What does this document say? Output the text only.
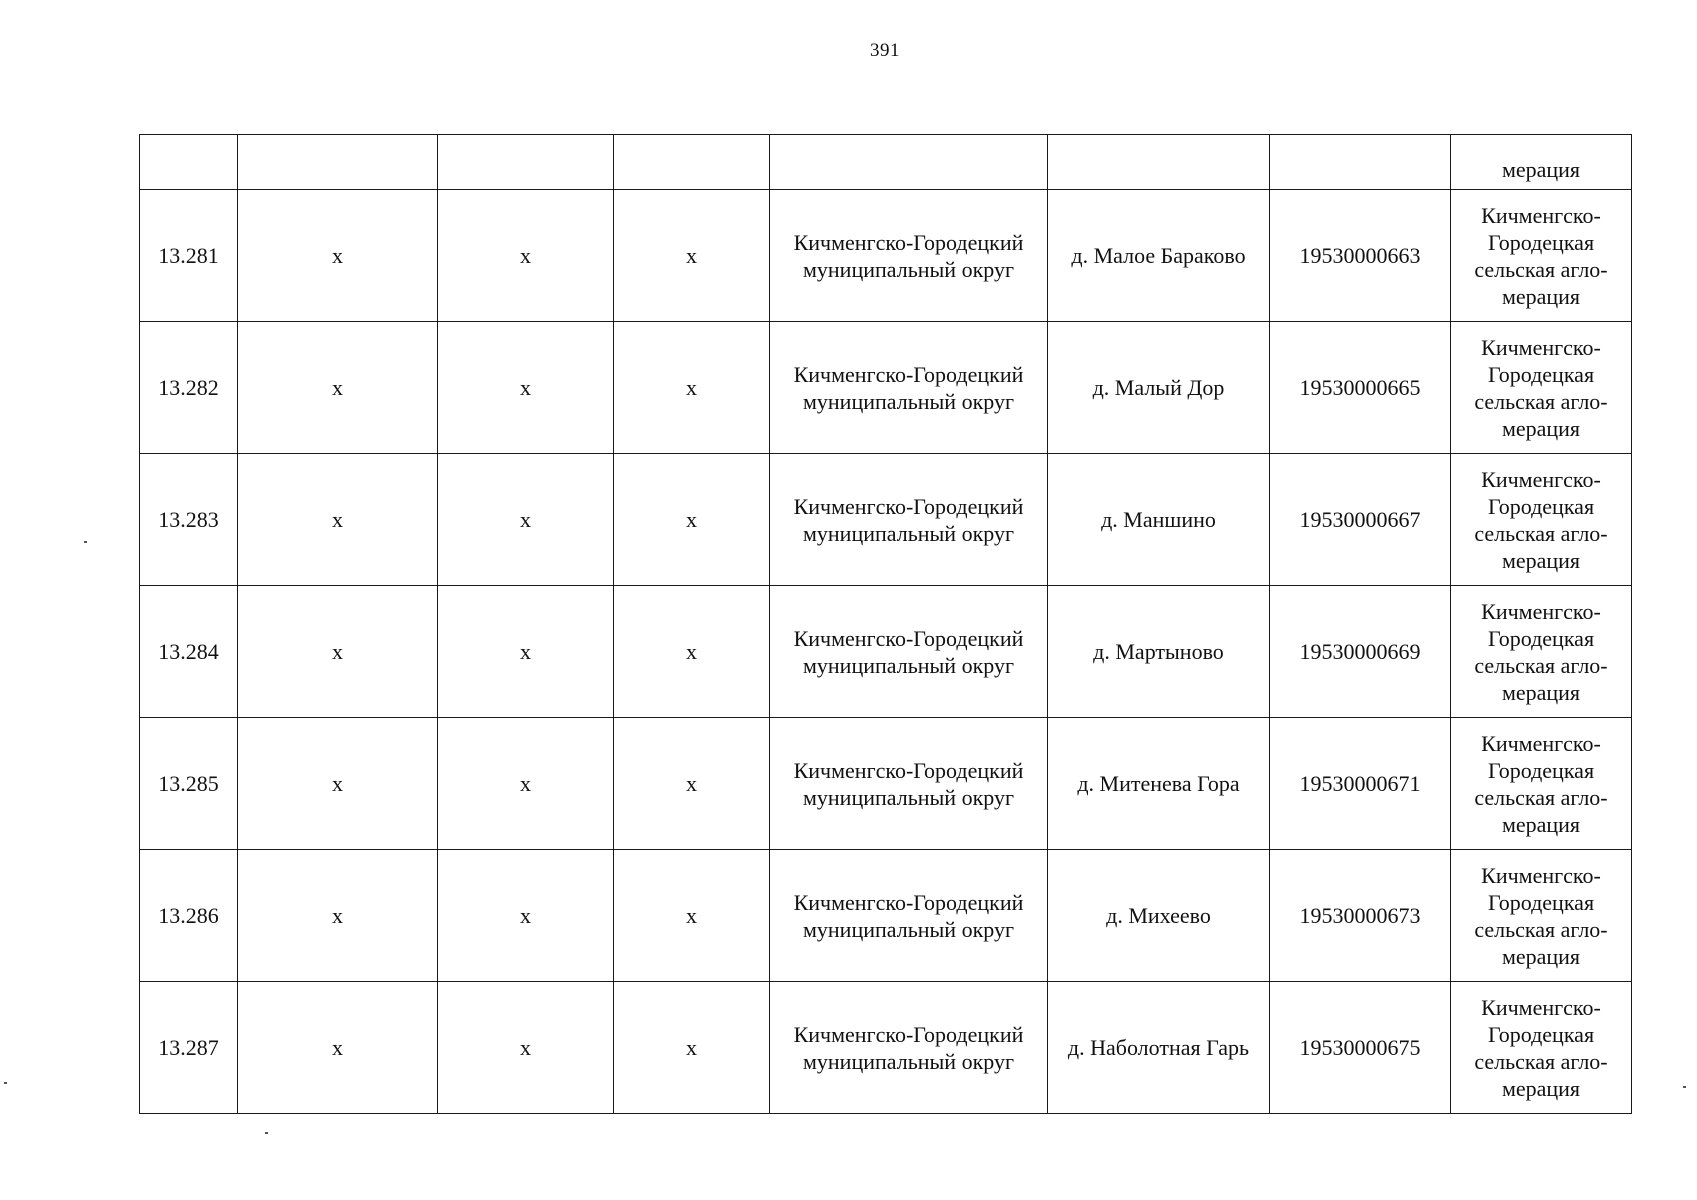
391
							мерация
13.281	x	x	x	Кичменгско-Городецкий
муниципальный округ	д. Малое Бараково	19530000663	Кичменгско-
Городецкая
сельская агло-
мерация
13.282	x	x	x	Кичменгско-Городецкий
муниципальный округ	д. Малый Дор	19530000665	Кичменгско-
Городецкая
сельская агло-
мерация
13.283	x	x	x	Кичменгско-Городецкий
муниципальный округ	д. Маншино	19530000667	Кичменгско-
Городецкая
сельская агло-
мерация
13.284	x	x	x	Кичменгско-Городецкий
муниципальный округ	д. Мартыново	19530000669	Кичменгско-
Городецкая
сельская агло-
мерация
13.285	x	x	x	Кичменгско-Городецкий
муниципальный округ	д. Митенева Гора	19530000671	Кичменгско-
Городецкая
сельская агло-
мерация
13.286	x	x	x	Кичменгско-Городецкий
муниципальный округ	д. Михеево	19530000673	Кичменгско-
Городецкая
сельская агло-
мерация
13.287	x	x	x	Кичменгско-Городецкий
муниципальный округ	д. Наболотная Гарь	19530000675	Кичменгско-
Городецкая
сельская агло-
мерация
